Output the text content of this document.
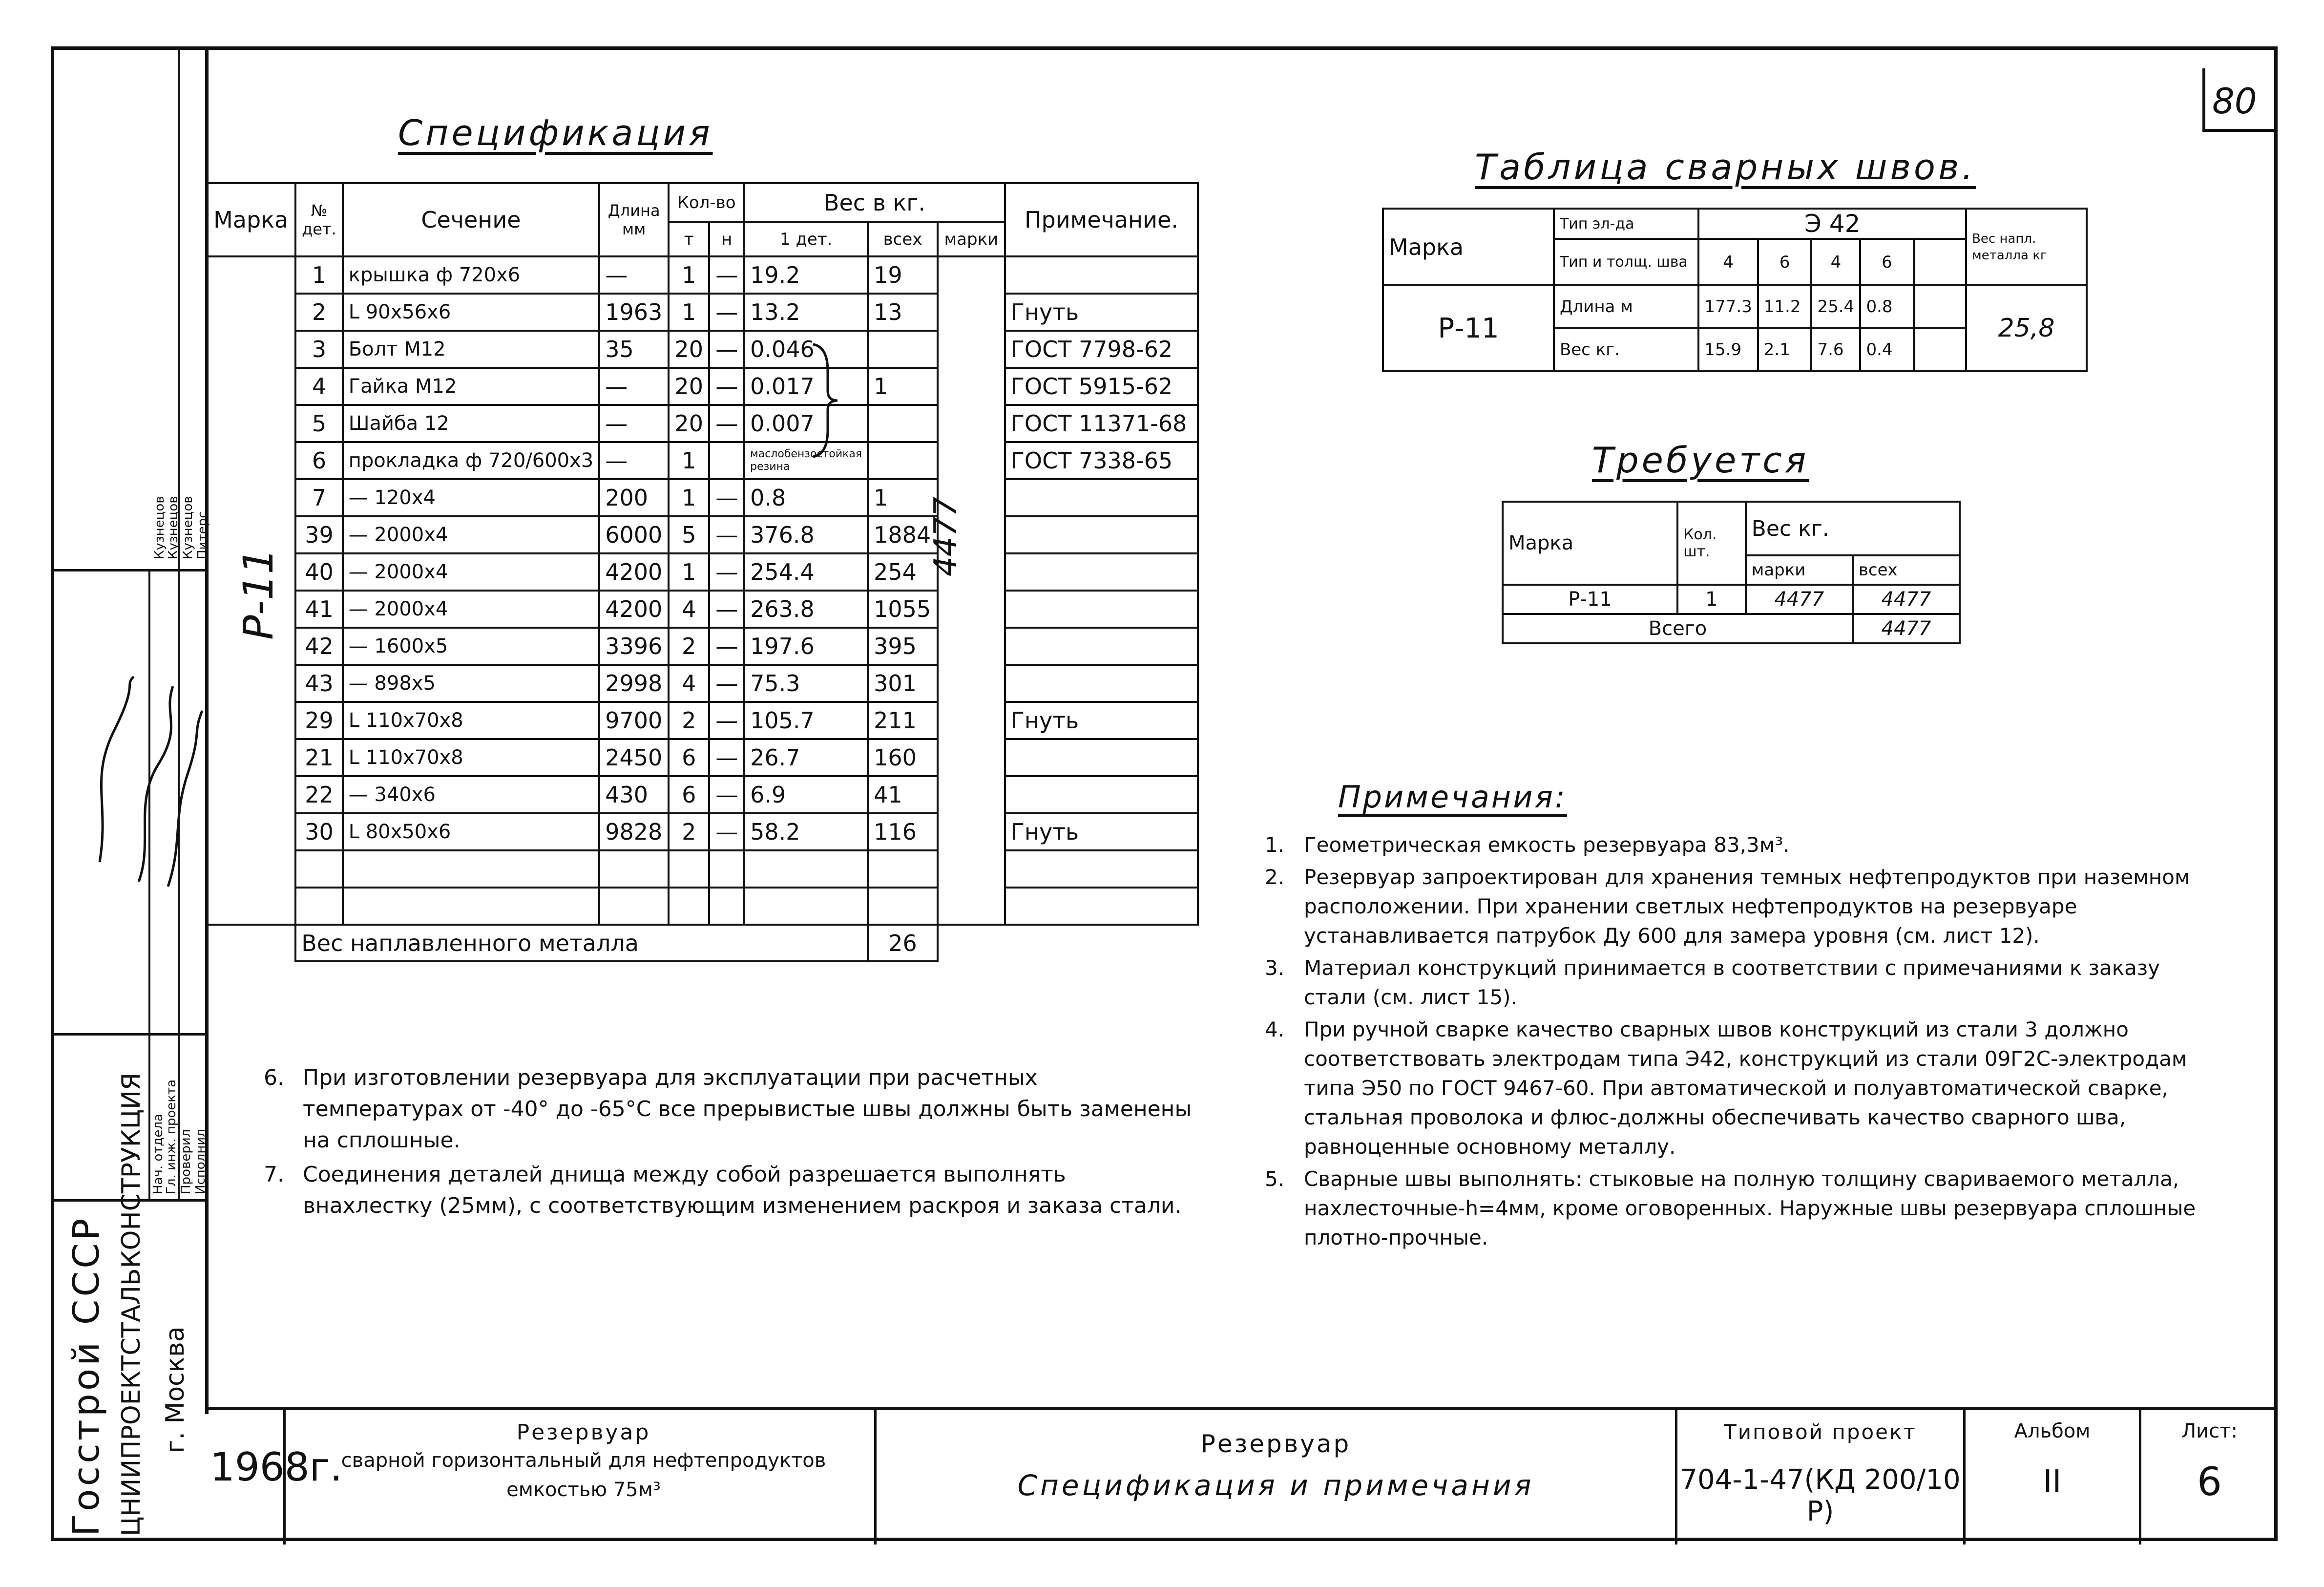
80
Госстрой СССР ЦНИИПРОЕКТСТАЛЬКОНСТРУКЦИЯ г. Москва
Нач. отдела
Гл. инж. проекта Проверил Исполнил
Кузнецов
Кузнецов Кузнецов Питерс
Спецификация
Марка	№ дет.	Сечение	Длина мм	Кол-во		Вес в кг.			Примечание.
				т	н	1 дет.	всех	марки	
	1	крышка ф 720х6	—	1	—	19.2	19		
	2	L 90х56х6	1963	1	—	13.2	13		Гнуть
	3	Болт М12	35	20	—	0.046			ГОСТ 7798-62
	4	Гайка М12	—	20	—	0.017	1		ГОСТ 5915-62
	5	Шайба 12	—	20	—	0.007			ГОСТ 11371-68
	6	прокладка ф 720/600х3	—	1		маслобензостойкая резина			ГОСТ 7338-65
	7	— 120х4	200	1	—	0.8	1		
	39	— 2000х4	6000	5	—	376.8	1884		
	40	— 2000х4	4200	1	—	254.4	254		
	41	— 2000х4	4200	4	—	263.8	1055		
	42	— 1600х5	3396	2	—	197.6	395		
	43	— 898х5	2998	4	—	75.3	301		
	29	L 110х70х8	9700	2	—	105.7	211		Гнуть
	21	L 110х70х8	2450	6	—	26.7	160		
	22	— 340х6	430	6	—	6.9	41		
	30	L 80х50х6	9828	2	—	58.2	116		Гнуть

	Вес наплавленного металла						26		
Р-11
4477
Таблица сварных швов.
Марка	Тип эл-да	Э 42					Вес напл. металла кг
	Тип и толщ. шва	4	6	4	6		
Р-11	Длина м	177.3	11.2	25.4	0.8		25,8
	Вес кг.	15.9	2.1	7.6	0.4		
Требуется
Марка	Кол. шт.	Вес кг.	
		марки	всех
Р-11	1	4477	4477
Всего			4477
Примечания:

1. Геометрическая емкость резервуара 83,3м³.

2. Резервуар запроектирован для хранения темных нефтепродуктов при наземном расположении. При хранении светлых нефтепродуктов на резервуаре устанавливается патрубок Ду 600 для замера уровня (см. лист 12).

3. Материал конструкций принимается в соответствии с примечаниями к заказу стали (см. лист 15).

4. При ручной сварке качество сварных швов конструкций из стали 3 должно соответствовать электродам типа Э42, конструкций из стали 09Г2С-электродам типа Э50 по ГОСТ 9467-60. При автоматической и полуавтоматической сварке, стальная проволока и флюс-должны обеспечивать качество сварного шва, равноценные основному металлу.

5. Сварные швы выполнять: стыковые на полную толщину свариваемого металла, нахлесточные-h=4мм, кроме оговоренных. Наружные швы резервуара сплошные плотно-прочные.

6. При изготовлении резервуара для эксплуатации при расчетных температурах от -40° до -65°С все прерывистые швы должны быть заменены на сплошные.

7. Соединения деталей днища между собой разрешается выполнять внахлестку (25мм), с соответствующим изменением раскроя и заказа стали.

1968г.
Резервуар
сварной горизонтальный для нефтепродуктов
емкостью 75м³
Резервуар
Спецификация и примечания
Типовой проект
704-1-47(КД 200/10 Р)
Альбом
II
Лист:
6
